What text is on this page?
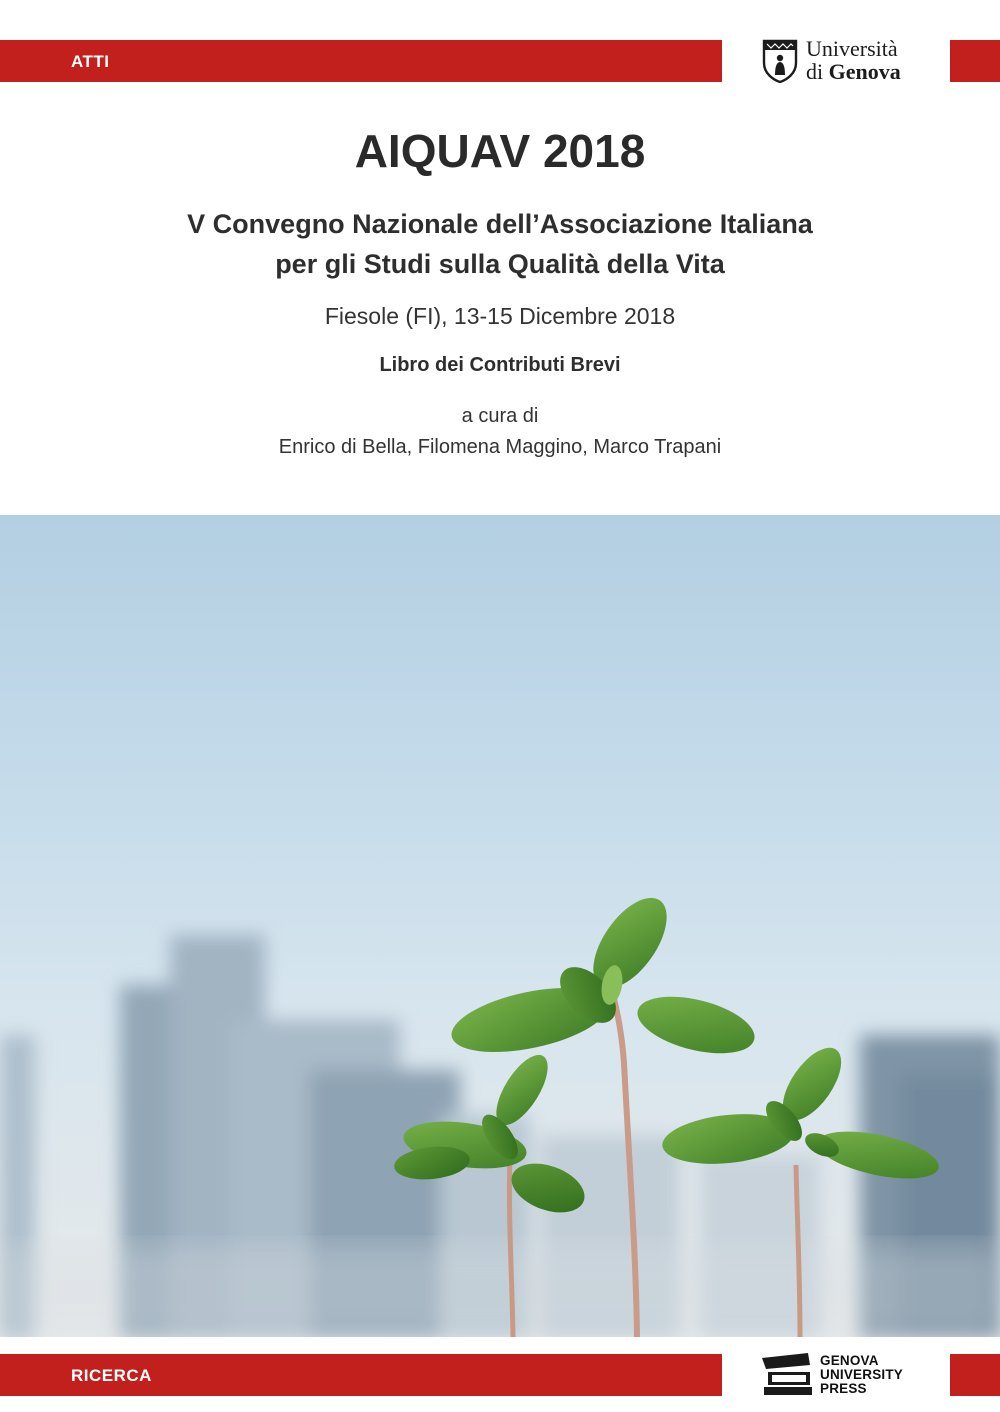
ATTI
Università
di Genova
AIQUAV 2018
V Convegno Nazionale dell’Associazione Italiana
per gli Studi sulla Qualità della Vita
Fiesole (FI), 13-15 Dicembre 2018
Libro dei Contributi Brevi
a cura di
Enrico di Bella, Filomena Maggino, Marco Trapani
RICERCA
GENOVA
UNIVERSITY
PRESS
